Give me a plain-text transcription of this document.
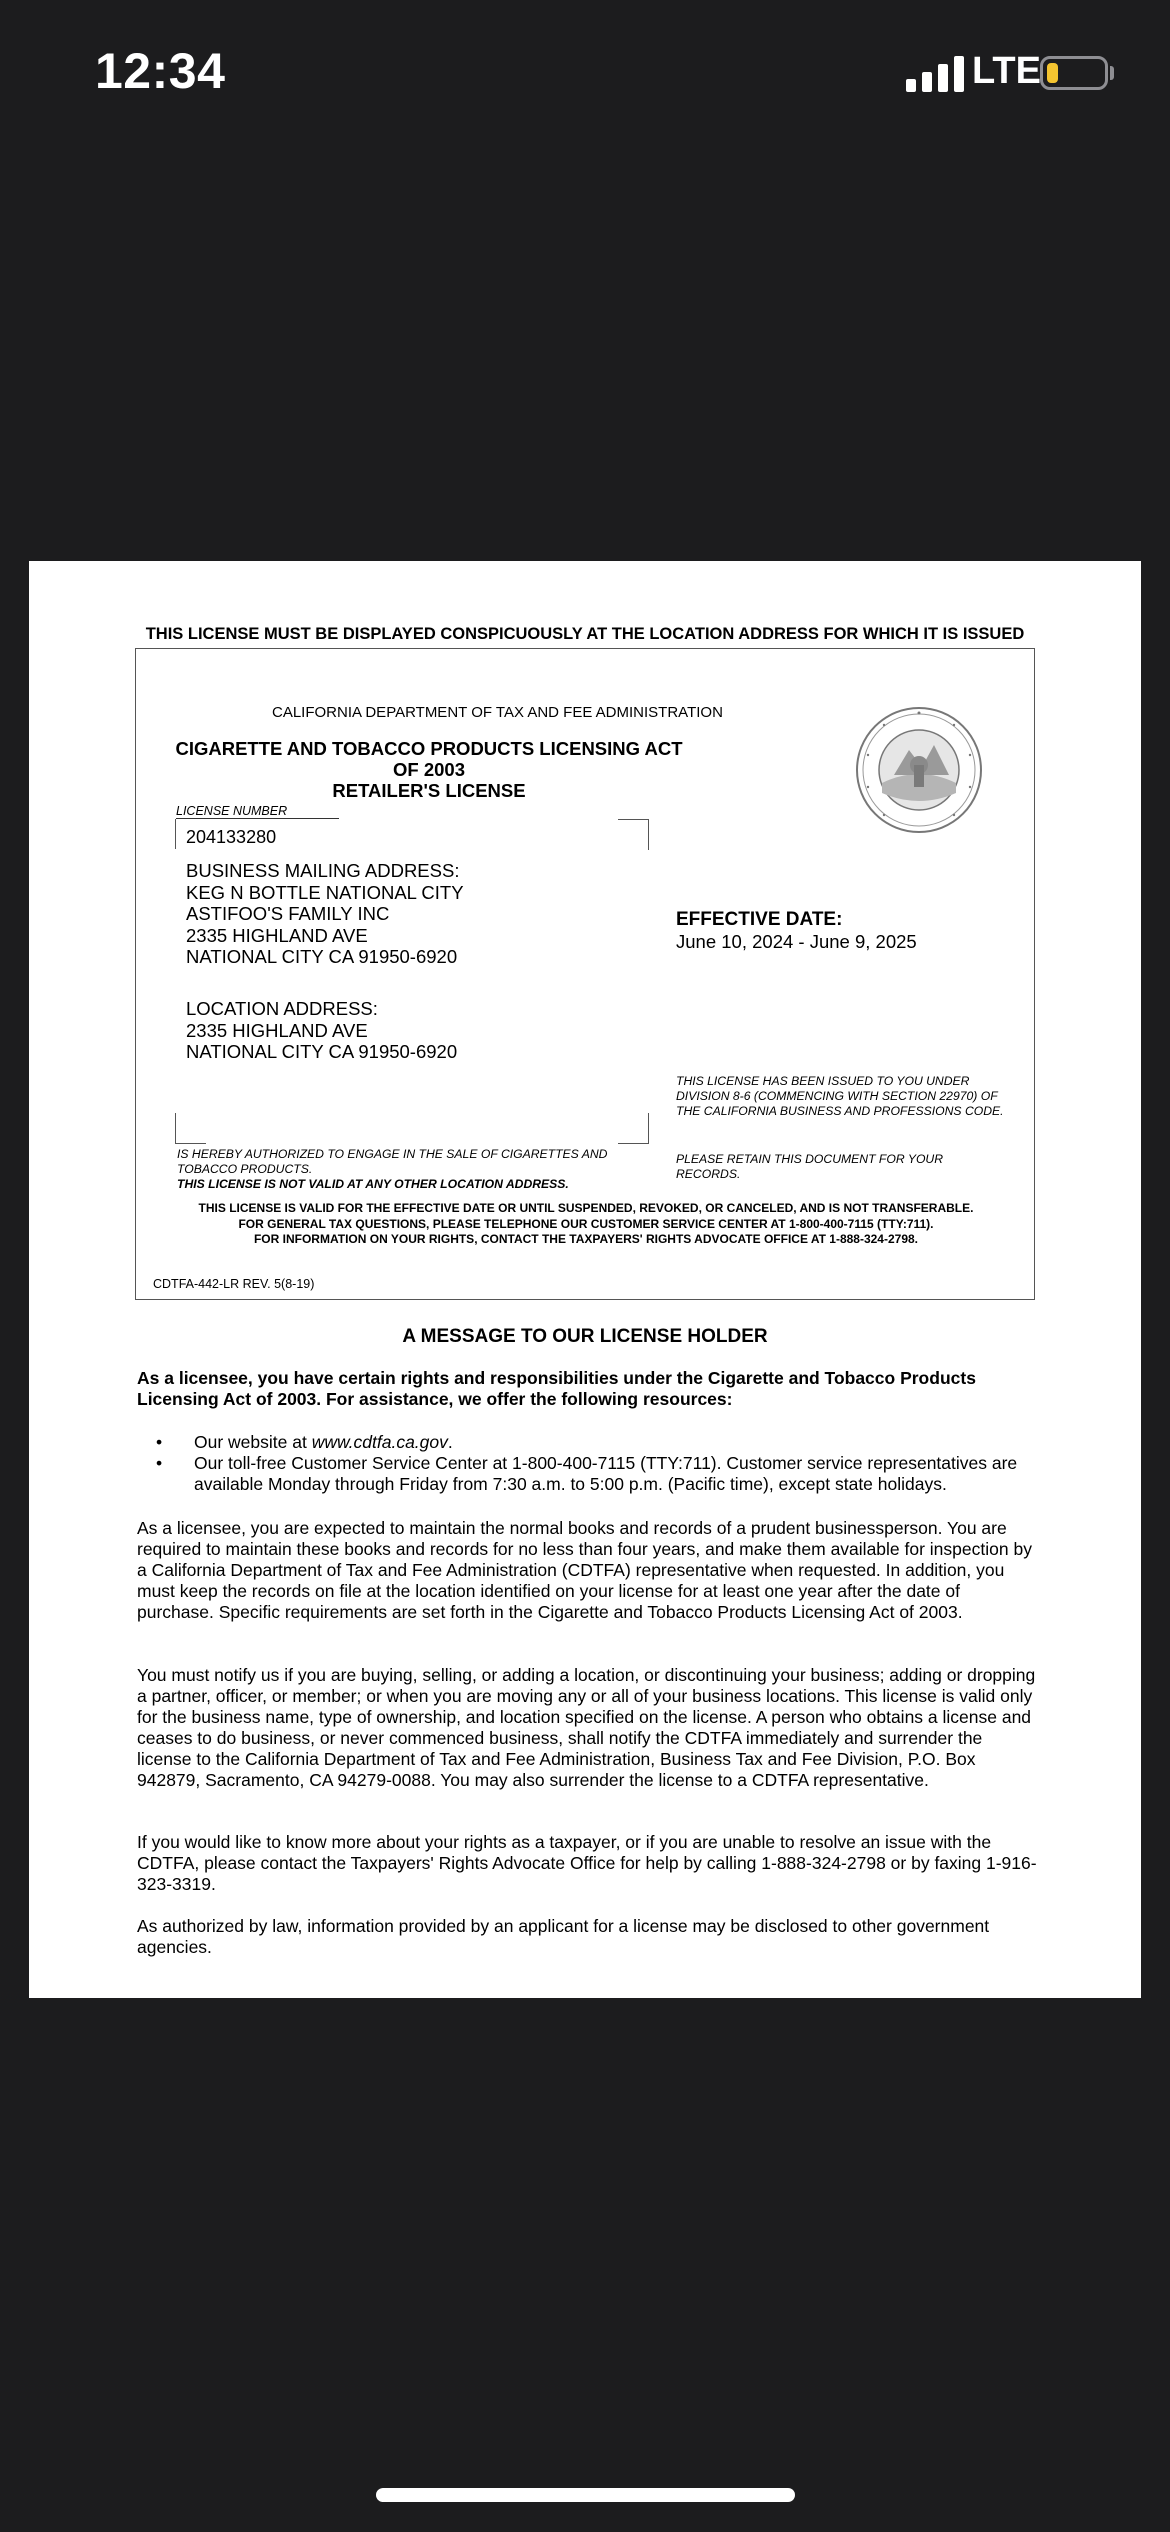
12:34	LTE
THIS LICENSE MUST BE DISPLAYED CONSPICUOUSLY AT THE LOCATION ADDRESS FOR WHICH IT IS ISSUED
CALIFORNIA DEPARTMENT OF TAX AND FEE ADMINISTRATION
CIGARETTE AND TOBACCO PRODUCTS LICENSING ACT OF 2003
RETAILER'S LICENSE
LICENSE NUMBER
204133280
BUSINESS MAILING ADDRESS:
KEG N BOTTLE NATIONAL CITY
ASTIFOO'S FAMILY INC
2335 HIGHLAND AVE
NATIONAL CITY CA 91950-6920
LOCATION ADDRESS:
2335 HIGHLAND AVE
NATIONAL CITY CA 91950-6920
EFFECTIVE DATE:
June 10, 2024 - June 9, 2025
THIS LICENSE HAS BEEN ISSUED TO YOU UNDER DIVISION 8-6 (COMMENCING WITH SECTION 22970) OF THE CALIFORNIA BUSINESS AND PROFESSIONS CODE.
PLEASE RETAIN THIS DOCUMENT FOR YOUR RECORDS.
IS HEREBY AUTHORIZED TO ENGAGE IN THE SALE OF CIGARETTES AND TOBACCO PRODUCTS.
THIS LICENSE IS NOT VALID AT ANY OTHER LOCATION ADDRESS.
THIS LICENSE IS VALID FOR THE EFFECTIVE DATE OR UNTIL SUSPENDED, REVOKED, OR CANCELED, AND IS NOT TRANSFERABLE.
FOR GENERAL TAX QUESTIONS, PLEASE TELEPHONE OUR CUSTOMER SERVICE CENTER AT 1-800-400-7115 (TTY:711).
FOR INFORMATION ON YOUR RIGHTS, CONTACT THE TAXPAYERS' RIGHTS ADVOCATE OFFICE AT 1-888-324-2798.
CDTFA-442-LR REV. 5(8-19)
A MESSAGE TO OUR LICENSE HOLDER
As a licensee, you have certain rights and responsibilities under the Cigarette and Tobacco Products Licensing Act of 2003. For assistance, we offer the following resources:
• Our website at www.cdtfa.ca.gov.
• Our toll-free Customer Service Center at 1-800-400-7115 (TTY:711). Customer service representatives are available Monday through Friday from 7:30 a.m. to 5:00 p.m. (Pacific time), except state holidays.
As a licensee, you are expected to maintain the normal books and records of a prudent businessperson. You are required to maintain these books and records for no less than four years, and make them available for inspection by a California Department of Tax and Fee Administration (CDTFA) representative when requested. In addition, you must keep the records on file at the location identified on your license for at least one year after the date of purchase. Specific requirements are set forth in the Cigarette and Tobacco Products Licensing Act of 2003.
You must notify us if you are buying, selling, or adding a location, or discontinuing your business; adding or dropping a partner, officer, or member; or when you are moving any or all of your business locations. This license is valid only for the business name, type of ownership, and location specified on the license. A person who obtains a license and ceases to do business, or never commenced business, shall notify the CDTFA immediately and surrender the license to the California Department of Tax and Fee Administration, Business Tax and Fee Division, P.O. Box 942879, Sacramento, CA 94279-0088. You may also surrender the license to a CDTFA representative.
If you would like to know more about your rights as a taxpayer, or if you are unable to resolve an issue with the CDTFA, please contact the Taxpayers' Rights Advocate Office for help by calling 1-888-324-2798 or by faxing 1-916-323-3319.
As authorized by law, information provided by an applicant for a license may be disclosed to other government agencies.
